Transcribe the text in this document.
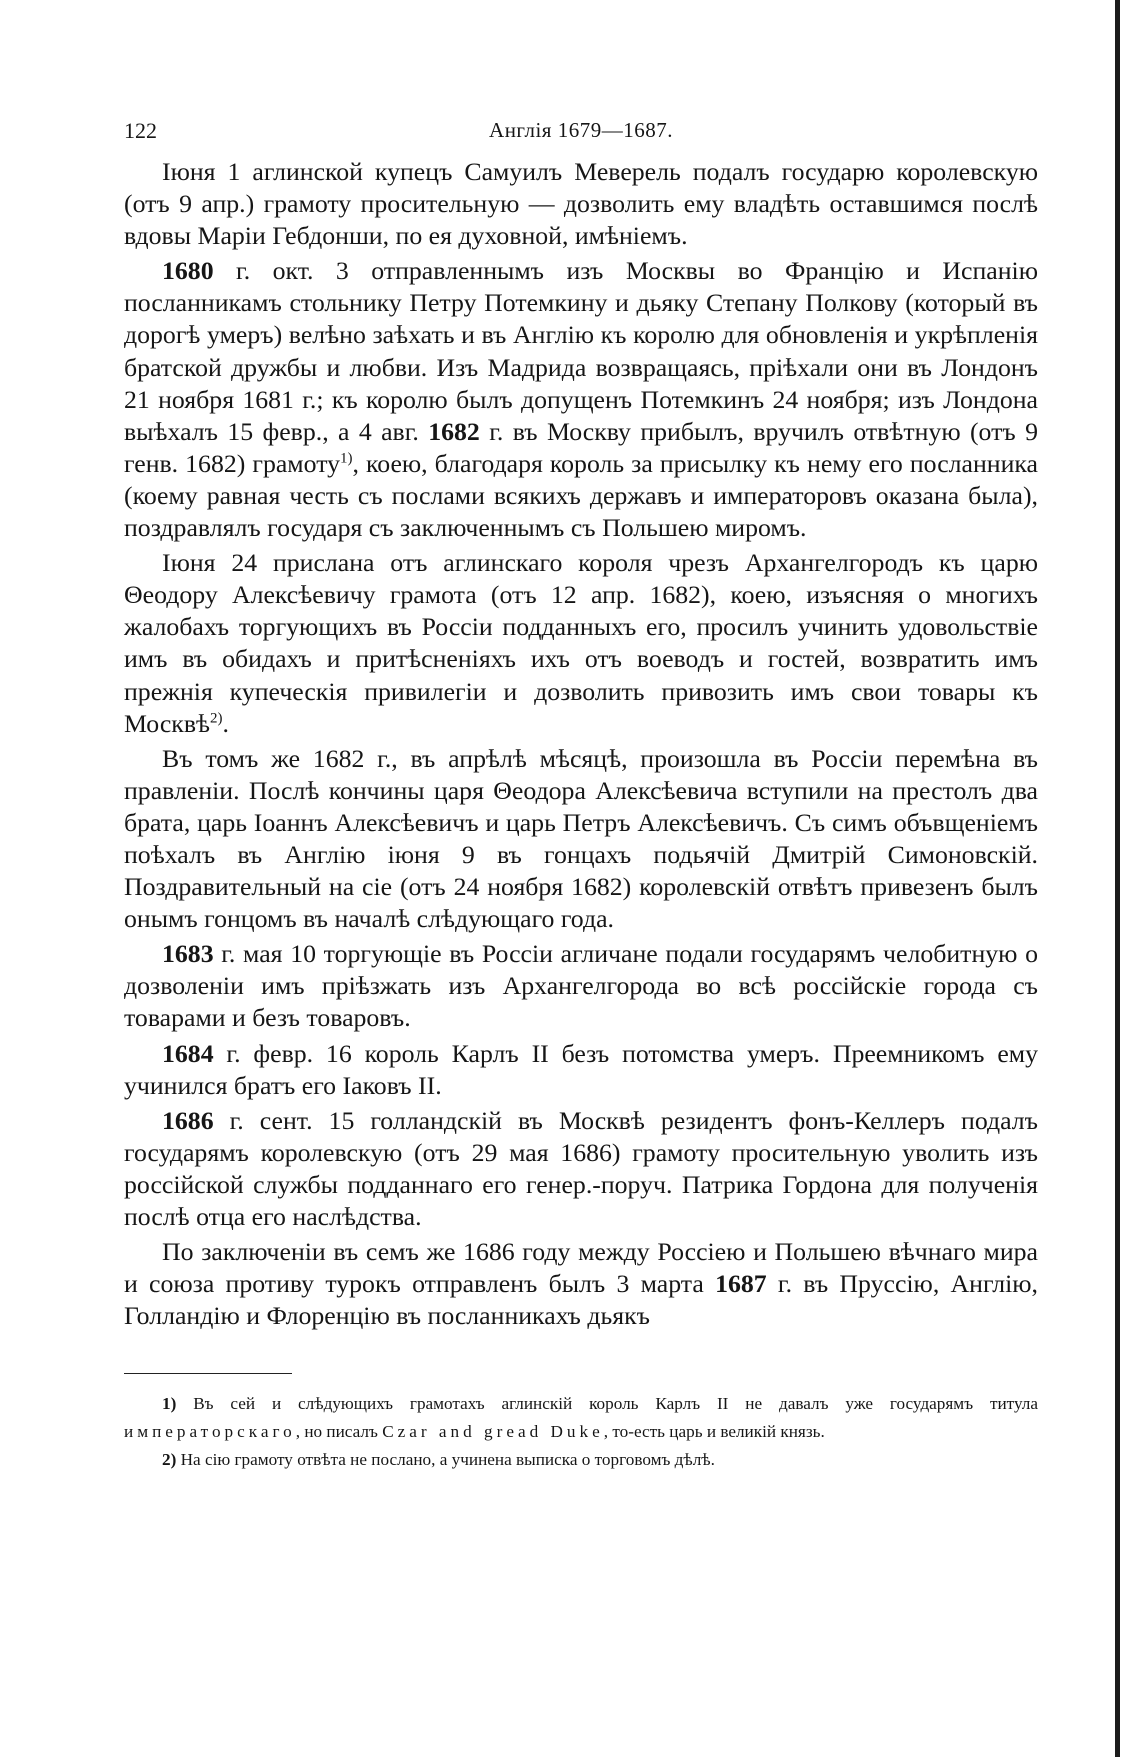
122	Англія 1679—1687.

Іюня 1 аглинской купецъ Самуилъ Меверель подалъ государю королевскую (отъ 9 апр.) грамоту просительную — дозволить ему владѣть оставшимся послѣ вдовы Маріи Гебдонши, по ея духовной, имѣніемъ.

1680 г. окт. 3 отправленнымъ изъ Москвы во Францію и Испанію посланникамъ стольнику Петру Потемкину и дьяку Степану Полкову (который въ дорогѣ умеръ) велѣно заѣхать и въ Англію къ королю для обновленія и укрѣпленія братской дружбы и любви. Изъ Мадрида возвращаясь, пріѣхали они въ Лондонъ 21 ноября 1681 г.; къ королю былъ допущенъ Потемкинъ 24 ноября; изъ Лондона выѣхалъ 15 февр., а 4 авг. 1682 г. въ Москву прибылъ, вручилъ отвѣтную (отъ 9 генв. 1682) грамоту$^{1)}$, коею, благодаря король за присылку къ нему его посланника (коему равная честь съ послами всякихъ державъ и императоровъ оказана была), поздравлялъ государя съ заключеннымъ съ Польшею миромъ.

Іюня 24 прислана отъ аглинскаго короля чрезъ Архангелгородъ къ царю Θеодору Алексѣевичу грамота (отъ 12 апр. 1682), коею, изъясняя о многихъ жалобахъ торгующихъ въ Россіи подданныхъ его, просилъ учинить удовольствіе имъ въ обидахъ и притѣсненіяхъ ихъ отъ воеводъ и гостей, возвратить имъ прежнія купеческія привилегіи и дозволить привозить имъ свои товары къ Москвѣ$^{2)}$.

Въ томъ же 1682 г., въ апрѣлѣ мѣсяцѣ, произошла въ Россіи перемѣна въ правленіи. Послѣ кончины царя Θеодора Алексѣевича вступили на престолъ два брата, царь Іоаннъ Алексѣевичъ и царь Петръ Алексѣевичъ. Съ симъ объвщеніемъ поѣхалъ въ Англію іюня 9 въ гонцахъ подьячій Дмитрій Симоновскій. Поздравительный на сіе (отъ 24 ноября 1682) королевскій отвѣтъ привезенъ былъ онымъ гонцомъ въ началѣ слѣдующаго года.

1683 г. мая 10 торгующіе въ Россіи агличане подали государямъ челобитную о дозволеніи имъ пріѣзжать изъ Архангелгорода во всѣ россійскіе города съ товарами и безъ товаровъ.

1684 г. февр. 16 король Карлъ II безъ потомства умеръ. Преемникомъ ему учинился братъ его Іаковъ II.

1686 г. сент. 15 голландскій въ Москвѣ резидентъ фонъ-Келлеръ подалъ государямъ королевскую (отъ 29 мая 1686) грамоту просительную уволить изъ россійской службы подданнаго его генер.-поруч. Патрика Гордона для полученія послѣ отца его наслѣдства.

По заключеніи въ семъ же 1686 году между Россіею и Польшею вѣчнаго мира и союза противу турокъ отправленъ былъ 3 марта 1687 г. въ Пруссію, Англію, Голландію и Флоренцію въ посланникахъ дьякъ

1) Въ сей и слѣдующихъ грамотахъ аглинскій король Карлъ II не давалъ уже государямъ титула императорскаго, но писалъ Czar and gread Duke, то-есть царь и великій князь.

2) На сію грамоту отвѣта не послано, а учинена выписка о торговомъ дѣлѣ.
